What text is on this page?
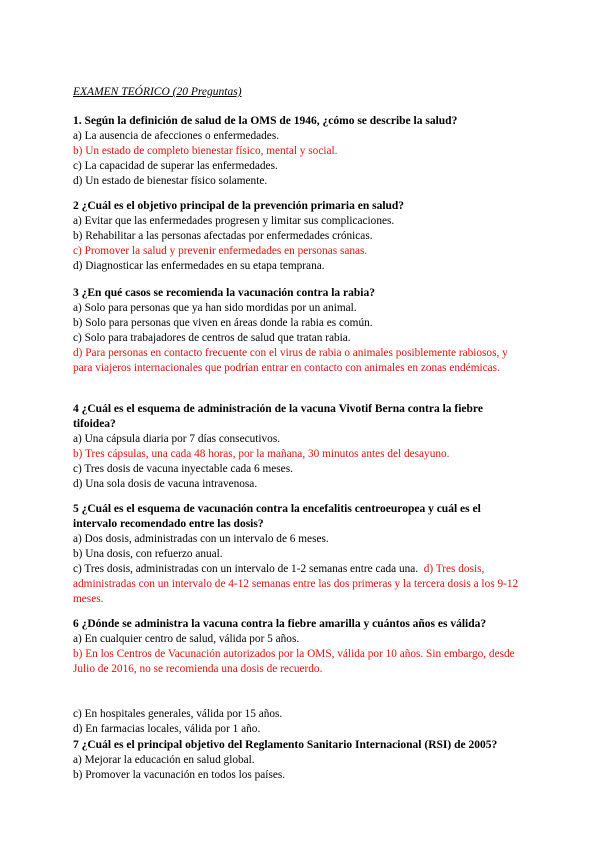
EXAMEN TEÓRICO (20 Preguntas)
1. Según la definición de salud de la OMS de 1946, ¿cómo se describe la salud?
a) La ausencia de afecciones o enfermedades.
b) Un estado de completo bienestar físico, mental y social.
c) La capacidad de superar las enfermedades.
d) Un estado de bienestar físico solamente.
2 ¿Cuál es el objetivo principal de la prevención primaria en salud?
a) Evitar que las enfermedades progresen y limitar sus complicaciones.
b) Rehabilitar a las personas afectadas por enfermedades crónicas.
c) Promover la salud y prevenir enfermedades en personas sanas.
d) Diagnosticar las enfermedades en su etapa temprana.
3 ¿En qué casos se recomienda la vacunación contra la rabia?
a) Solo para personas que ya han sido mordidas por un animal.
b) Solo para personas que viven en áreas donde la rabia es común.
c) Solo para trabajadores de centros de salud que tratan rabia.
d) Para personas en contacto frecuente con el virus de rabia o animales posiblemente rabiosos, y para viajeros internacionales que podrían entrar en contacto con animales en zonas endémicas.
4 ¿Cuál es el esquema de administración de la vacuna Vivotif Berna contra la fiebre tifoidea?
a) Una cápsula diaria por 7 días consecutivos.
b) Tres cápsulas, una cada 48 horas, por la mañana, 30 minutos antes del desayuno.
c) Tres dosis de vacuna inyectable cada 6 meses.
d) Una sola dosis de vacuna intravenosa.
5 ¿Cuál es el esquema de vacunación contra la encefalitis centroeuropea y cuál es el intervalo recomendado entre las dosis?
a) Dos dosis, administradas con un intervalo de 6 meses.
b) Una dosis, con refuerzo anual.
c) Tres dosis, administradas con un intervalo de 1-2 semanas entre cada una. d) Tres dosis, administradas con un intervalo de 4-12 semanas entre las dos primeras y la tercera dosis a los 9-12 meses.
6 ¿Dónde se administra la vacuna contra la fiebre amarilla y cuántos años es válida?
a) En cualquier centro de salud, válida por 5 años.
b) En los Centros de Vacunación autorizados por la OMS, válida por 10 años. Sin embargo, desde Julio de 2016, no se recomienda una dosis de recuerdo.
c) En hospitales generales, válida por 15 años.
d) En farmacias locales, válida por 1 año.
7 ¿Cuál es el principal objetivo del Reglamento Sanitario Internacional (RSI) de 2005?
a) Mejorar la educación en salud global.
b) Promover la vacunación en todos los países.
